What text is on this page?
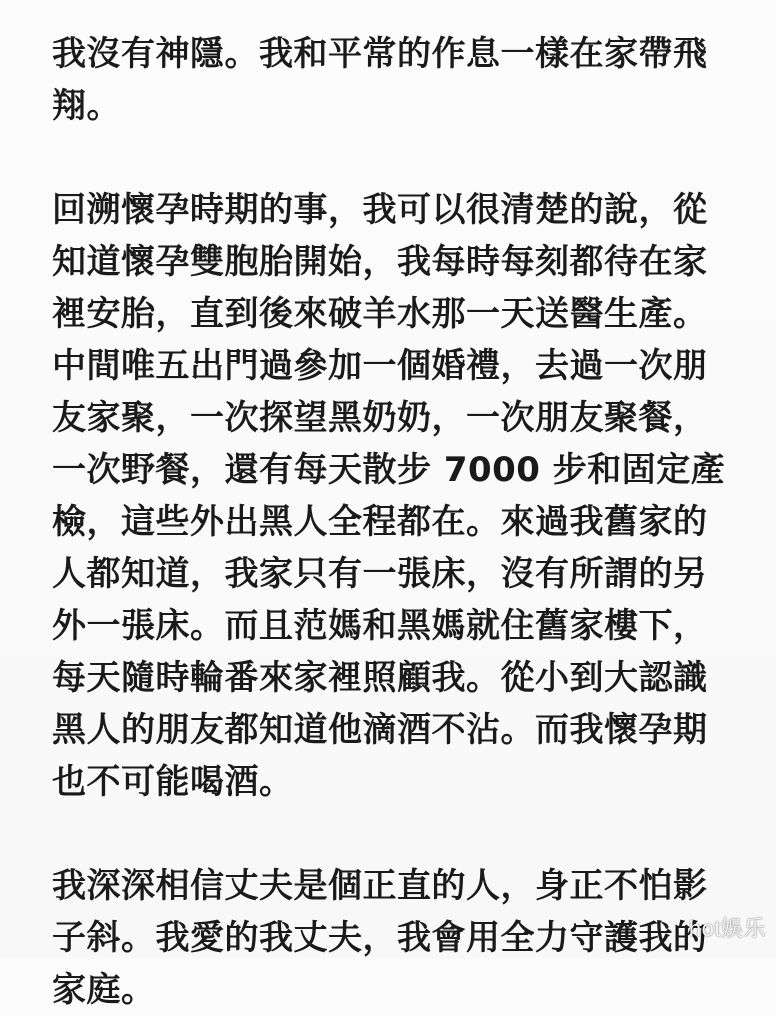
我沒有神隱。我和平常的作息一樣在家帶飛
翔。
回溯懷孕時期的事，我可以很清楚的說，從
知道懷孕雙胞胎開始，我每時每刻都待在家
裡安胎，直到後來破羊水那一天送醫生產。
中間唯五出門過參加一個婚禮，去過一次朋
友家聚，一次探望黑奶奶，一次朋友聚餐，
一次野餐，還有每天散步 7000 步和固定產
檢，這些外出黑人全程都在。來過我舊家的
人都知道，我家只有一張床，沒有所謂的另
外一張床。而且范媽和黑媽就住舊家樓下，
每天隨時輪番來家裡照顧我。從小到大認識
黑人的朋友都知道他滴酒不沾。而我懷孕期
也不可能喝酒。
我深深相信丈夫是個正直的人，身正不怕影
子斜。我愛的我丈夫，我會用全力守護我的
家庭。
hot娛乐
